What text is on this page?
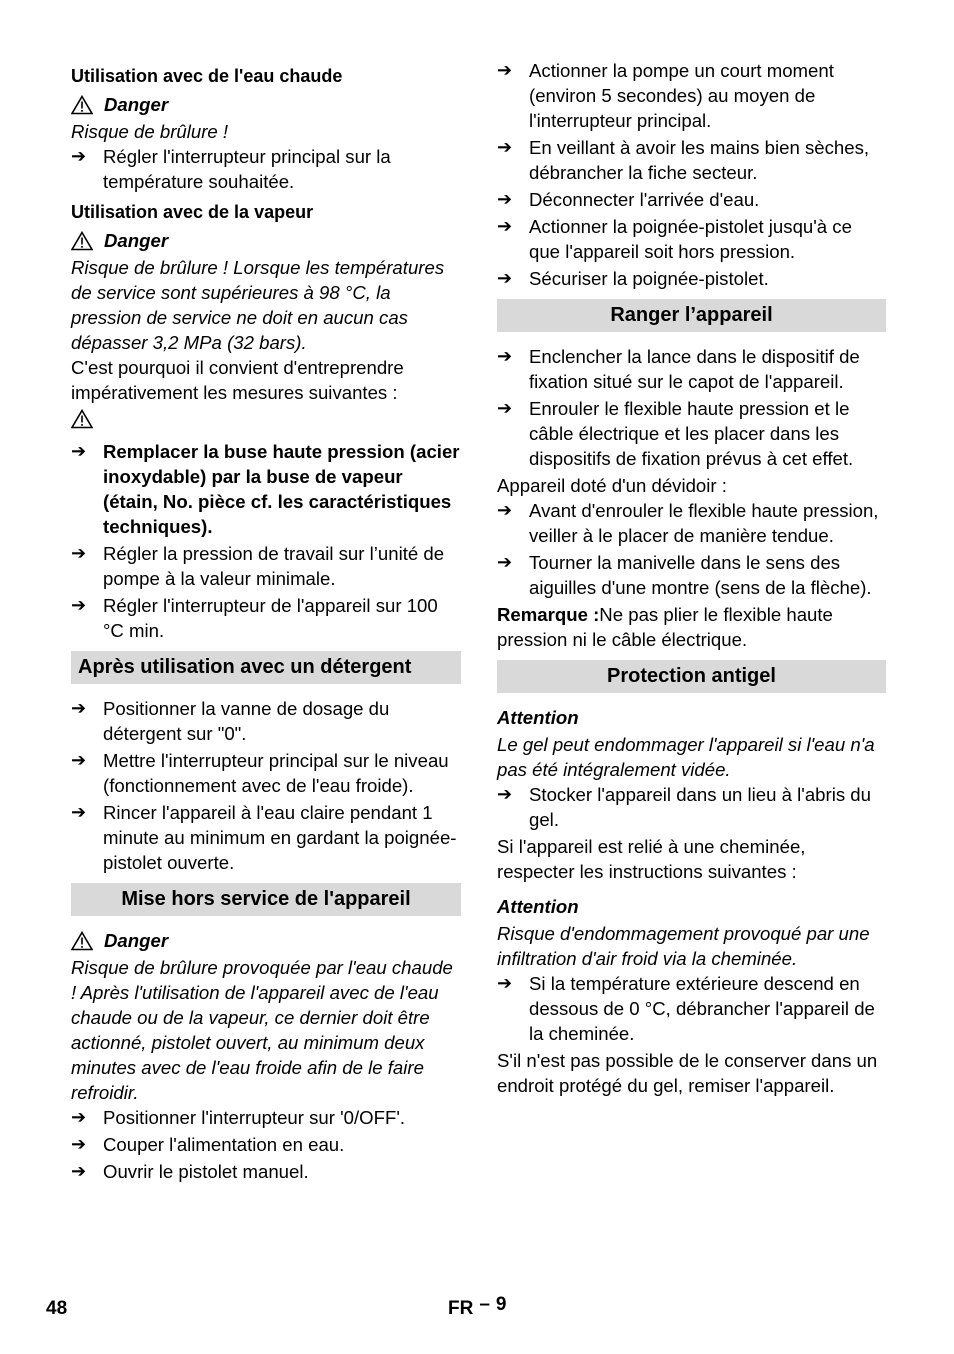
Utilisation avec de l'eau chaude

Danger

Risque de brûlure !

➔ Régler l'interrupteur principal sur la température souhaitée.

Utilisation avec de la vapeur

Danger

Risque de brûlure ! Lorsque les températures de service sont supérieures à 98 °C, la pression de service ne doit en aucun cas dépasser 3,2 MPa (32 bars).

C'est pourquoi il convient d'entreprendre impérativement les mesures suivantes :

➔ Remplacer la buse haute pression (acier inoxydable) par la buse de vapeur (étain, No. pièce cf. les caractéristiques techniques).
➔ Régler la pression de travail sur l’unité de pompe à la valeur minimale.
➔ Régler l'interrupteur de l'appareil sur 100 °C min.
Après utilisation avec un détergent
➔ Positionner la vanne de dosage du détergent sur "0".
➔ Mettre l'interrupteur principal sur le niveau (fonctionnement avec de l'eau froide).
➔ Rincer l'appareil à l'eau claire pendant 1 minute au minimum en gardant la poignée-pistolet ouverte.
Mise hors service de l'appareil
Danger

Risque de brûlure provoquée par l'eau chaude ! Après l'utilisation de l'appareil avec de l'eau chaude ou de la vapeur, ce dernier doit être actionné, pistolet ouvert, au minimum deux minutes avec de l'eau froide afin de le faire refroidir.

➔ Positionner l'interrupteur sur '0/OFF'.
➔ Couper l'alimentation en eau.
➔ Ouvrir le pistolet manuel.
➔ Actionner la pompe un court moment (environ 5 secondes) au moyen de l'interrupteur principal.
➔ En veillant à avoir les mains bien sèches, débrancher la fiche secteur.
➔ Déconnecter l'arrivée d'eau.
➔ Actionner la poignée-pistolet jusqu'à ce que l'appareil soit hors pression.
➔ Sécuriser la poignée-pistolet.
Ranger l’appareil
➔ Enclencher la lance dans le dispositif de fixation situé sur le capot de l'appareil.
➔ Enrouler le flexible haute pression et le câble électrique et les placer dans les dispositifs de fixation prévus à cet effet.

Appareil doté d'un dévidoir :

➔ Avant d'enrouler le flexible haute pression, veiller à le placer de manière tendue.
➔ Tourner la manivelle dans le sens des aiguilles d'une montre (sens de la flèche).

Remarque :Ne pas plier le flexible haute pression ni le câble électrique.

Protection antigel

Attention

Le gel peut endommager l'appareil si l'eau n'a pas été intégralement vidée.

➔ Stocker l'appareil dans un lieu à l'abris du gel.

Si l'appareil est relié à une cheminée, respecter les instructions suivantes :

Attention

Risque d'endommagement provoqué par une infiltration d'air froid via la cheminée.

➔ Si la température extérieure descend en dessous de 0 °C, débrancher l'appareil de la cheminée.

S'il n'est pas possible de le conserver dans un endroit protégé du gel, remiser l'appareil.

48	FR – 9
